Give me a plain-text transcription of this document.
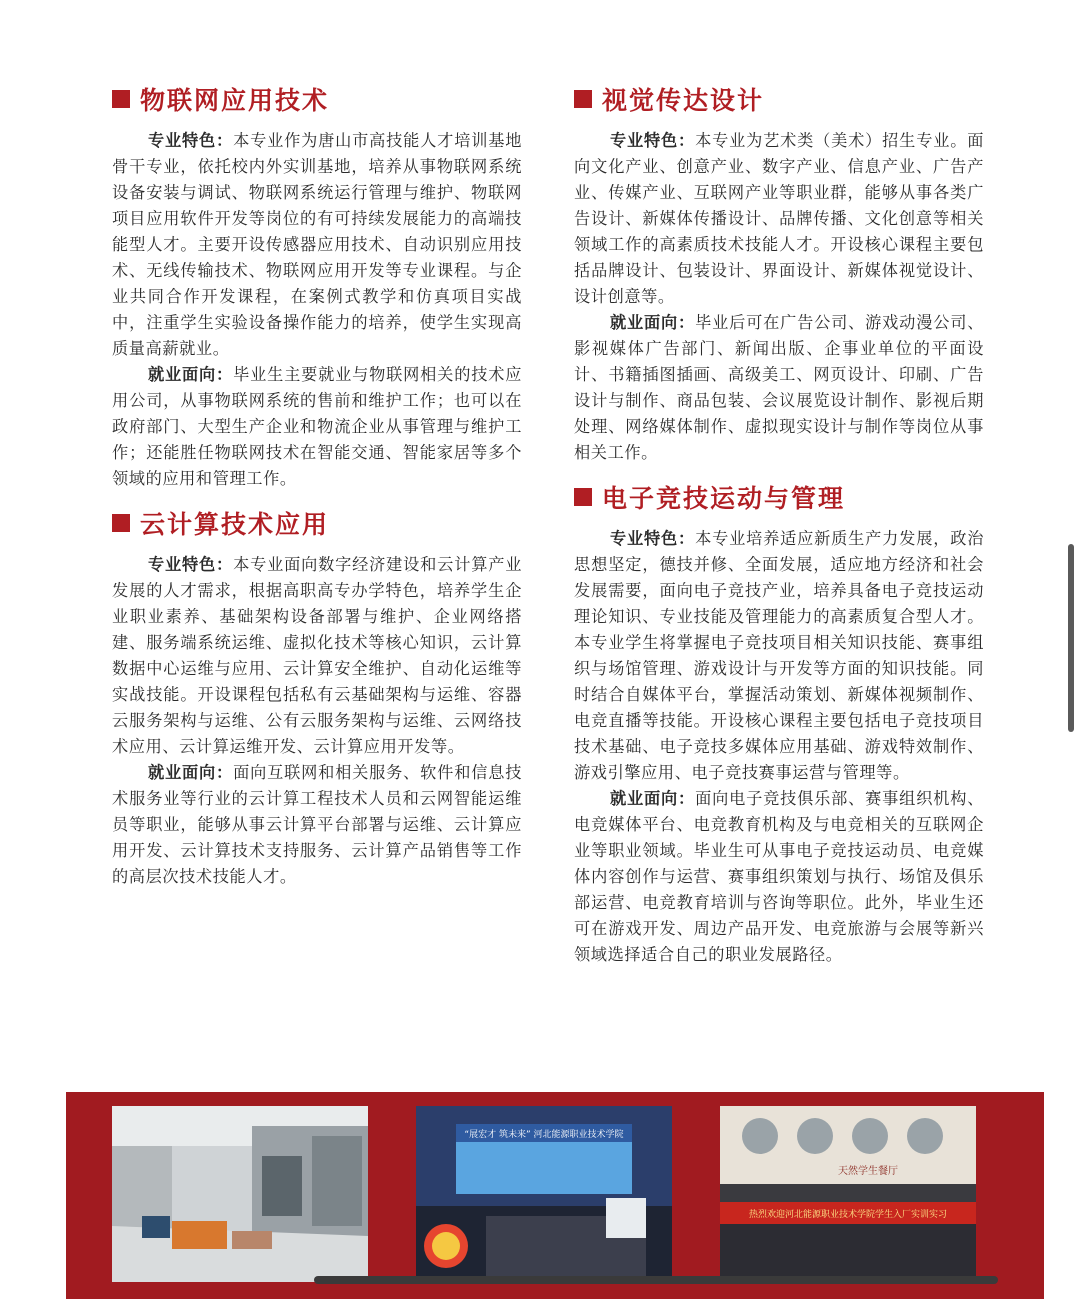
物联网应用技术

专业特色：本专业作为唐山市高技能人才培训基地骨干专业，依托校内外实训基地，培养从事物联网系统设备安装与调试、物联网系统运行管理与维护、物联网项目应用软件开发等岗位的有可持续发展能力的高端技能型人才。主要开设传感器应用技术、自动识别应用技术、无线传输技术、物联网应用开发等专业课程。与企业共同合作开发课程，在案例式教学和仿真项目实战中，注重学生实验设备操作能力的培养，使学生实现高质量高薪就业。

就业面向：毕业生主要就业与物联网相关的技术应用公司，从事物联网系统的售前和维护工作；也可以在政府部门、大型生产企业和物流企业从事管理与维护工作；还能胜任物联网技术在智能交通、智能家居等多个领域的应用和管理工作。

云计算技术应用

专业特色：本专业面向数字经济建设和云计算产业发展的人才需求，根据高职高专办学特色，培养学生企业职业素养、基础架构设备部署与维护、企业网络搭建、服务端系统运维、虚拟化技术等核心知识，云计算数据中心运维与应用、云计算安全维护、自动化运维等实战技能。开设课程包括私有云基础架构与运维、容器云服务架构与运维、公有云服务架构与运维、云网络技术应用、云计算运维开发、云计算应用开发等。

就业面向：面向互联网和相关服务、软件和信息技术服务业等行业的云计算工程技术人员和云网智能运维员等职业，能够从事云计算平台部署与运维、云计算应用开发、云计算技术支持服务、云计算产品销售等工作的高层次技术技能人才。

视觉传达设计

专业特色：本专业为艺术类（美术）招生专业。面向文化产业、创意产业、数字产业、信息产业、广告产业、传媒产业、互联网产业等职业群，能够从事各类广告设计、新媒体传播设计、品牌传播、文化创意等相关领域工作的高素质技术技能人才。开设核心课程主要包括品牌设计、包装设计、界面设计、新媒体视觉设计、设计创意等。

就业面向：毕业后可在广告公司、游戏动漫公司、影视媒体广告部门、新闻出版、企事业单位的平面设计、书籍插图插画、高级美工、网页设计、印刷、广告设计与制作、商品包装、会议展览设计制作、影视后期处理、网络媒体制作、虚拟现实设计与制作等岗位从事相关工作。

电子竞技运动与管理

专业特色：本专业培养适应新质生产力发展，政治思想坚定，德技并修、全面发展，适应地方经济和社会发展需要，面向电子竞技产业，培养具备电子竞技运动理论知识、专业技能及管理能力的高素质复合型人才。本专业学生将掌握电子竞技项目相关知识技能、赛事组织与场馆管理、游戏设计与开发等方面的知识技能。同时结合自媒体平台，掌握活动策划、新媒体视频制作、电竞直播等技能。开设核心课程主要包括电子竞技项目技术基础、电子竞技多媒体应用基础、游戏特效制作、游戏引擎应用、电子竞技赛事运营与管理等。

就业面向：面向电子竞技俱乐部、赛事组织机构、电竞媒体平台、电竞教育机构及与电竞相关的互联网企业等职业领域。毕业生可从事电子竞技运动员、电竞媒体内容创作与运营、赛事组织策划与执行、场馆及俱乐部运营、电竞教育培训与咨询等职位。此外，毕业生还可在游戏开发、周边产品开发、电竞旅游与会展等新兴领域选择适合自己的职业发展路径。

“展宏才 筑未来” 河北能源职业技术学院
天然学生餐厅
热烈欢迎河北能源职业技术学院学生入厂实训实习
